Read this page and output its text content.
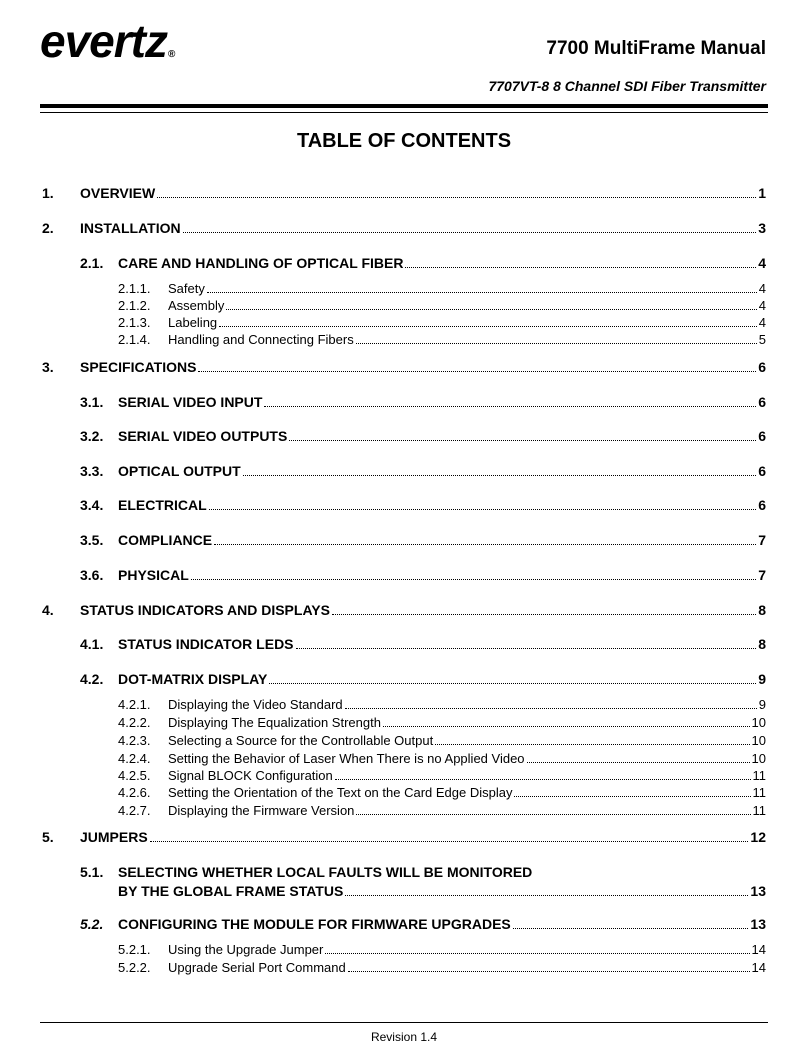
evertz®	7700 MultiFrame Manual
7707VT-8 8 Channel SDI Fiber Transmitter
TABLE OF CONTENTS
1.	OVERVIEW	1
2.	INSTALLATION	3
2.1.	CARE AND HANDLING OF OPTICAL FIBER	4
2.1.1.	Safety	4
2.1.2.	Assembly	4
2.1.3.	Labeling	4
2.1.4.	Handling and Connecting Fibers	5
3.	SPECIFICATIONS	6
3.1.	SERIAL VIDEO INPUT	6
3.2.	SERIAL VIDEO OUTPUTS	6
3.3.	OPTICAL OUTPUT	6
3.4.	ELECTRICAL	6
3.5.	COMPLIANCE	7
3.6.	PHYSICAL	7
4.	STATUS INDICATORS AND DISPLAYS	8
4.1.	STATUS INDICATOR LEDS	8
4.2.	DOT-MATRIX DISPLAY	9
4.2.1.	Displaying the Video Standard	9
4.2.2.	Displaying The Equalization Strength	10
4.2.3.	Selecting a Source for the Controllable Output	10
4.2.4.	Setting the Behavior of Laser When There is no Applied Video	10
4.2.5.	Signal BLOCK Configuration	11
4.2.6.	Setting the Orientation of the Text on the Card Edge Display	11
4.2.7.	Displaying the Firmware Version	11
5.	JUMPERS	12
5.1.	SELECTING WHETHER LOCAL FAULTS WILL BE MONITORED
BY THE GLOBAL FRAME STATUS	13
5.2.	CONFIGURING THE MODULE FOR FIRMWARE UPGRADES	13
5.2.1.	Using the Upgrade Jumper	14
5.2.2.	Upgrade Serial Port Command	14
Revision 1.4
